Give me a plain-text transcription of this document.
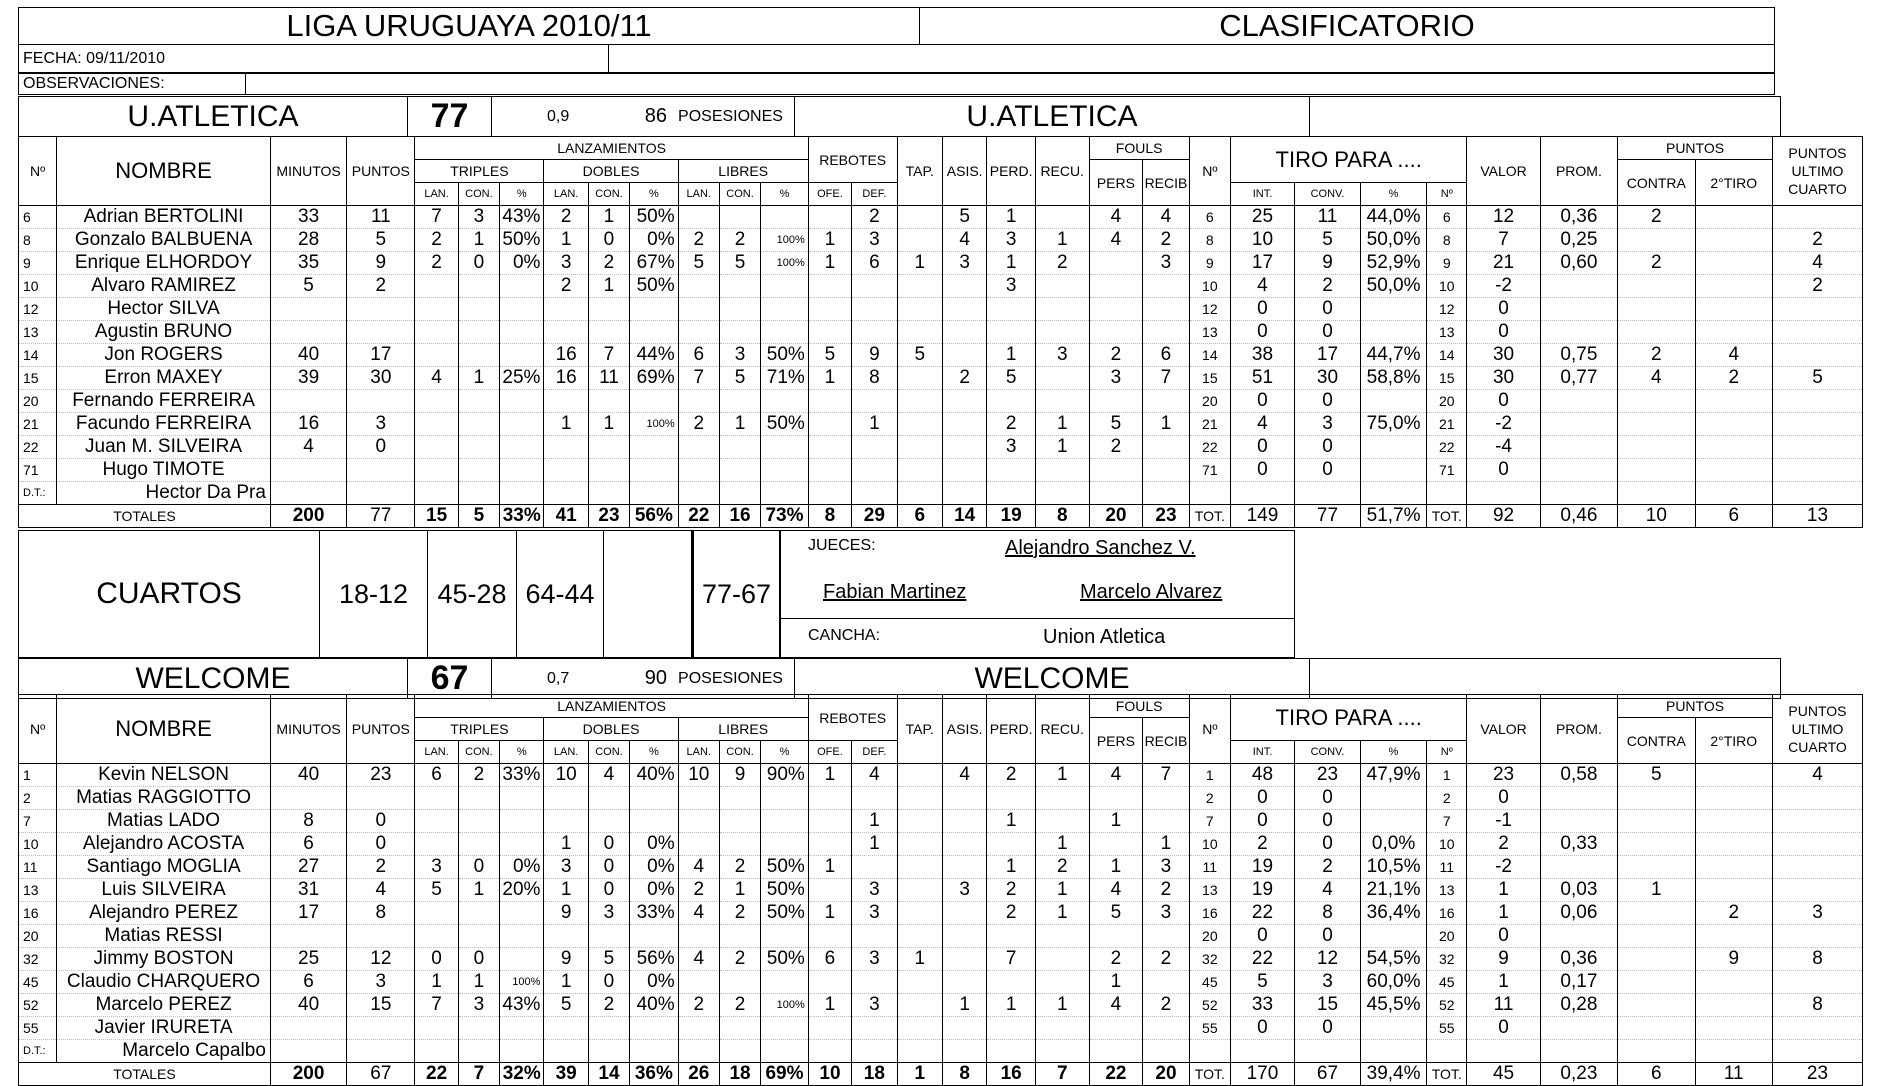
LIGA URUGUAYA 2010/11	CLASIFICATORIO
FECHA: 09/11/2010	
OBSERVACIONES:	
U.ATLETICA	77		0,9	86	POSESIONES	U.ATLETICA	
Nº	NOMBRE	MINUTOS	PUNTOS	LANZAMIENTOS									REBOTES		TAP.	ASIS.	PERD.	RECU.	FOULS		Nº	TIRO PARA ....				VALOR	PROM.	PUNTOS		PUNTOS
ULTIMO
CUARTO

				TRIPLES			DOBLES			LIBRES									PERS	RECIB								CONTRA	2°TIRO	
				LAN.	CON.	%	LAN.	CON.	%	LAN.	CON.	%	OFE.	DEF.								INT.	CONV.	%	Nº					
6	Adrian BERTOLINI	33	11	7	3	43%	2	1	50%					2		5	1		4	4	6	25	11	44,0%	6	12	0,36	2		
8	Gonzalo BALBUENA	28	5	2	1	50%	1	0	0%	2	2	100%	1	3		4	3	1	4	2	8	10	5	50,0%	8	7	0,25			2
9	Enrique ELHORDOY	35	9	2	0	0%	3	2	67%	5	5	100%	1	6	1	3	1	2		3	9	17	9	52,9%	9	21	0,60	2		4
10	Alvaro RAMIREZ	5	2				2	1	50%								3				10	4	2	50,0%	10	-2				2
12	Hector SILVA																				12	0	0		12	0				
13	Agustin BRUNO																				13	0	0		13	0				
14	Jon ROGERS	40	17				16	7	44%	6	3	50%	5	9	5		1	3	2	6	14	38	17	44,7%	14	30	0,75	2	4	
15	Erron MAXEY	39	30	4	1	25%	16	11	69%	7	5	71%	1	8		2	5		3	7	15	51	30	58,8%	15	30	0,77	4	2	5
20	Fernando FERREIRA																				20	0	0		20	0				
21	Facundo FERREIRA	16	3				1	1	100%	2	1	50%		1			2	1	5	1	21	4	3	75,0%	21	-2				
22	Juan M. SILVEIRA	4	0														3	1	2		22	0	0		22	-4				
71	Hugo TIMOTE																				71	0	0		71	0				
D.T.:	Hector Da Pra																													
TOTALES		200	77	15	5	33%	41	23	56%	22	16	73%	8	29	6	14	19	8	20	23	TOT.	149	77	51,7%	TOT.	92	0,46	10	6	13
CUARTOS	18-12	45-28	64-44		77-67
JUECES:	Alejandro Sanchez V.
Fabian Martinez	Marcelo Alvarez

CANCHA:	Union Atletica
WELCOME	67		0,7	90	POSESIONES	WELCOME	
Nº	NOMBRE	MINUTOS	PUNTOS	LANZAMIENTOS									REBOTES		TAP.	ASIS.	PERD.	RECU.	FOULS		Nº	TIRO PARA ....				VALOR	PROM.	PUNTOS		PUNTOS
ULTIMO
CUARTO

				TRIPLES			DOBLES			LIBRES									PERS	RECIB								CONTRA	2°TIRO	
				LAN.	CON.	%	LAN.	CON.	%	LAN.	CON.	%	OFE.	DEF.								INT.	CONV.	%	Nº					
1	Kevin NELSON	40	23	6	2	33%	10	4	40%	10	9	90%	1	4		4	2	1	4	7	1	48	23	47,9%	1	23	0,58	5		4
2	Matias RAGGIOTTO																				2	0	0		2	0				
7	Matias LADO	8	0											1			1		1		7	0	0		7	-1				
10	Alejandro ACOSTA	6	0				1	0	0%					1				1		1	10	2	0	0,0%	10	2	0,33			
11	Santiago MOGLIA	27	2	3	0	0%	3	0	0%	4	2	50%	1				1	2	1	3	11	19	2	10,5%	11	-2				
13	Luis SILVEIRA	31	4	5	1	20%	1	0	0%	2	1	50%		3		3	2	1	4	2	13	19	4	21,1%	13	1	0,03	1		
16	Alejandro PEREZ	17	8				9	3	33%	4	2	50%	1	3			2	1	5	3	16	22	8	36,4%	16	1	0,06		2	3
20	Matias RESSI																				20	0	0		20	0				
32	Jimmy BOSTON	25	12	0	0		9	5	56%	4	2	50%	6	3	1		7		2	2	32	22	12	54,5%	32	9	0,36		9	8
45	Claudio CHARQUERO	6	3	1	1	100%	1	0	0%										1		45	5	3	60,0%	45	1	0,17			
52	Marcelo PEREZ	40	15	7	3	43%	5	2	40%	2	2	100%	1	3		1	1	1	4	2	52	33	15	45,5%	52	11	0,28			8
55	Javier IRURETA																				55	0	0		55	0				
D.T.:	Marcelo Capalbo																													
TOTALES		200	67	22	7	32%	39	14	36%	26	18	69%	10	18	1	8	16	7	22	20	TOT.	170	67	39,4%	TOT.	45	0,23	6	11	23
